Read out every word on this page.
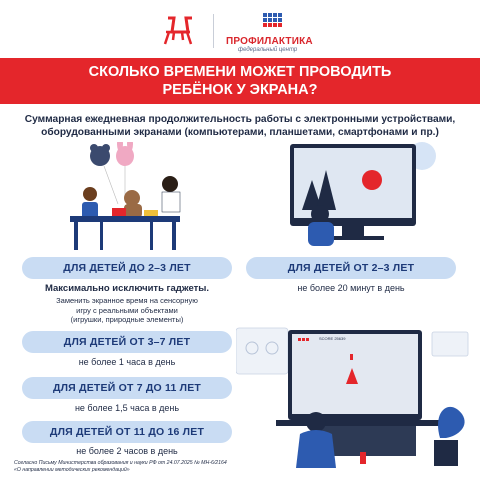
ПРОФИЛАКТИКА
федеральный центр
СКОЛЬКО ВРЕМЕНИ МОЖЕТ ПРОВОДИТЬ
РЕБЁНОК У ЭКРАНА?
Суммарная ежедневная продолжительность работы с электронными устройствами,
оборудованными экранами (компьютерами, планшетами, смартфонами и пр.)
ДЛЯ ДЕТЕЙ ДО 2–3 ЛЕТ
Максимально исключить гаджеты.
Заменить экранное время на сенсорную
игру с реальными объектами
(игрушки, природные элементы)
ДЛЯ ДЕТЕЙ ОТ 2–3 ЛЕТ
не более 20 минут в день
ДЛЯ ДЕТЕЙ ОТ 3–7 ЛЕТ
не более 1 часа в день
ДЛЯ ДЕТЕЙ ОТ 7 ДО 11 ЛЕТ
не более 1,5 часа в день
ДЛЯ ДЕТЕЙ ОТ 11 ДО 16 ЛЕТ
не более 2 часов в день
SCORE 25639
Согласно Письму Министерства образования и науки РФ от 24.07.2025 № МН-6/2164
«О направлении методических рекомендаций»
